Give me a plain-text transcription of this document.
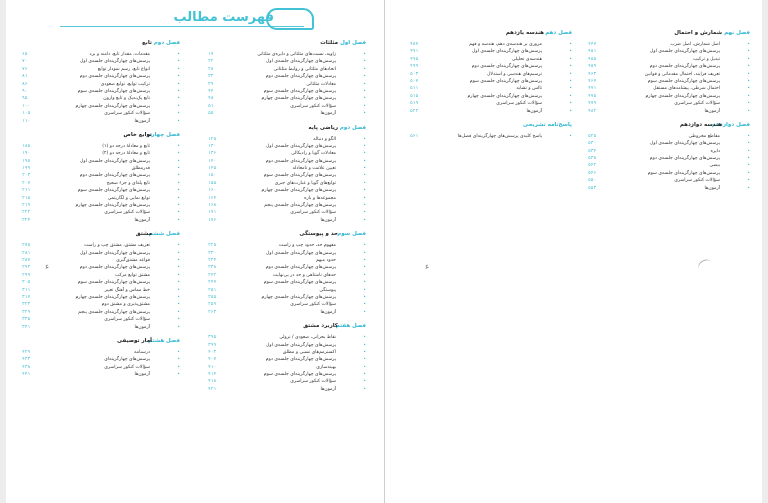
فهرست مطالب
فصل اول
مثلثات
•
زاویه، نسبت‌های مثلثاتی و دایره‌ی مثلثاتی
۱۷
•
پرسش‌های چهارگزینه‌ای جلسه‌ی اول
۲۲
•
اتحادهای مثلثاتی و روابط مثلثاتی
۲۸
•
پرسش‌های چهارگزینه‌ای جلسه‌ی دوم
۳۳
•
معادلات مثلثاتی
۳۹
•
پرسش‌های چهارگزینه‌ای جلسه‌ی سوم
۴۴
•
پرسش‌های چهارگزینه‌ای جلسه‌ی چهارم
۴۸
•
سؤالات کنکور سراسری
۵۱
•
آزمون‌ها
۵۵
فصل دوم
ریاضی پایه
•
الگو و دنباله
۱۲۵
•
پرسش‌های چهارگزینه‌ای جلسه‌ی اول
۱۳۰
•
معادلات گویا و رادیکالی
۱۳۶
•
پرسش‌های چهارگزینه‌ای جلسه‌ی دوم
۱۴۰
•
تعیین علامت و نامعادله
۱۴۵
•
پرسش‌های چهارگزینه‌ای جلسه‌ی سوم
۱۵۰
•
توابع‌های گویا و عبارت‌های جبری
۱۵۵
•
پرسش‌های چهارگزینه‌ای جلسه‌ی چهارم
۱۶۰
•
مجموعه‌ها و بازه
۱۶۴
•
پرسش‌های چهارگزینه‌ای جلسه‌ی پنجم
۱۶۸
•
سؤالات کنکور سراسری
۱۷۱
•
آزمون‌ها
۱۷۶
فصل سوم
حد و پیوستگی
•
مفهوم حد، حدود چپ و راست
۲۲۵
•
پرسش‌های چهارگزینه‌ای جلسه‌ی اول
۲۳۰
•
حدود مبهم
۲۳۴
•
پرسش‌های چهارگزینه‌ای جلسه‌ی دوم
۲۳۸
•
حدهای نامتناهی و حد در بی‌نهایت
۲۴۲
•
پرسش‌های چهارگزینه‌ای جلسه‌ی سوم
۲۴۷
•
پیوستگی
۲۵۱
•
پرسش‌های چهارگزینه‌ای جلسه‌ی چهارم
۲۵۵
•
سؤالات کنکور سراسری
۲۵۹
•
آزمون‌ها
۲۶۳
فصل هفتم
کاربرد مشتق
•
نقاط بحرانی، صعودی / نزولی
۳۹۵
•
پرسش‌های چهارگزینه‌ای جلسه‌ی اول
۳۹۹
•
اکسترمم‌های نسبی و مطلق
۴۰۳
•
پرسش‌های چهارگزینه‌ای جلسه‌ی دوم
۴۰۷
•
بهینه‌سازی
۴۱۰
•
پرسش‌های چهارگزینه‌ای جلسه‌ی سوم
۴۱۴
•
سؤالات کنکور سراسری
۴۱۸
•
آزمون‌ها
۴۲۱
فصل دوم
تابع
•
مقدمات، مقدار تابع، دامنه و برد
۶۵
•
پرسش‌های چهارگزینه‌ای جلسه‌ی اول
۷۰
•
انواع تابع، رسم نمودار توابع
۷۶
•
پرسش‌های چهارگزینه‌ای جلسه‌ی دوم
۸۱
•
ترکیب توابع، توابع صعودی
۸۶
•
پرسش‌های چهارگزینه‌ای جلسه‌ی سوم
۹۰
•
تابع یک‌به‌یک و تابع وارون
۹۵
•
پرسش‌های چهارگزینه‌ای جلسه‌ی چهارم
۱۰۰
•
سؤالات کنکور سراسری
۱۰۵
•
آزمون‌ها
۱۱۰
فصل چهارم
توابع خاص
•
تابع و معادلهٔ درجه دو (۱)
۱۸۵
•
تابع و معادلهٔ درجه دو (۲)
۱۹۰
•
پرسش‌های چهارگزینه‌ای جلسه‌ی اول
۱۹۵
•
قدرمطلق
۱۹۹
•
پرسش‌های چهارگزینه‌ای جلسه‌ی دوم
۲۰۳
•
تابع پله‌ای و جزء صحیح
۲۰۷
•
پرسش‌های چهارگزینه‌ای جلسه‌ی سوم
۲۱۱
•
توابع نمایی و لگاریتمی
۲۱۵
•
پرسش‌های چهارگزینه‌ای جلسه‌ی چهارم
۲۱۹
•
سؤالات کنکور سراسری
۲۲۲
•
آزمون‌ها
۲۲۴
فصل ششم
مشتق
•
تعریف مشتق، مشتق چپ و راست
۲۷۵
•
پرسش‌های چهارگزینه‌ای جلسه‌ی اول
۲۸۱
•
قواعد مشتق‌گیری
۲۸۷
•
پرسش‌های چهارگزینه‌ای جلسه‌ی دوم
۲۹۳
•
مشتق توابع مرکب
۲۹۹
•
پرسش‌های چهارگزینه‌ای جلسه‌ی سوم
۳۰۵
•
خط مماس و آهنگ تغییر
۳۱۱
•
پرسش‌های چهارگزینه‌ای جلسه‌ی چهارم
۳۱۷
•
مشتق‌پذیری و مشتق دوم
۳۲۳
•
پرسش‌های چهارگزینه‌ای جلسه‌ی پنجم
۳۲۹
•
سؤالات کنکور سراسری
۳۳۵
•
آزمون‌ها
۳۴۱
فصل هشتم
آمار توصیفی
•
درسنامه
۴۲۹
•
پرسش‌های چهارگزینه‌ای
۴۳۳
•
سؤالات کنکور سراسری
۴۳۸
•
آزمون‌ها
۴۴۱
ء
فصل نهم
شمارش و احتمال
•
اصل شمارش، اصل ضرب
۴۴۷
•
پرسش‌های چهارگزینه‌ای جلسه‌ی اول
۴۵۱
•
تبدیل و ترکیب
۴۵۵
•
پرسش‌های چهارگزینه‌ای جلسه‌ی دوم
۴۵۹
•
تعریف فرایند، احتمال مقدماتی و قوانین
۴۶۳
•
پرسش‌های چهارگزینه‌ای جلسه‌ی سوم
۴۶۷
•
احتمال شرطی، پیشامدهای مستقل
۴۷۱
•
پرسش‌های چهارگزینه‌ای جلسه‌ی چهارم
۴۷۵
•
سؤالات کنکور سراسری
۴۷۹
•
آزمون‌ها
۴۸۲
فصل دوازدهم
هندسه دوازدهم
•
مقاطع مخروطی
۵۲۵
•
پرسش‌های چهارگزینه‌ای جلسه‌ی اول
۵۳۰
•
دایره
۵۳۴
•
پرسش‌های چهارگزینه‌ای جلسه‌ی دوم
۵۳۸
•
بیضی
۵۴۲
•
پرسش‌های چهارگزینه‌ای جلسه‌ی سوم
۵۴۶
•
سؤالات کنکور سراسری
۵۵۰
•
آزمون‌ها
۵۵۳
فصل دهم
هندسه یازدهم
•
مروری بر هندسه‌ی دهم، هندسه و فهم
۴۸۷
•
پرسش‌های چهارگزینه‌ای جلسه‌ی اول
۴۹۱
•
هندسه‌ی تحلیلی
۴۹۵
•
پرسش‌های چهارگزینه‌ای جلسه‌ی دوم
۴۹۹
•
ترسیم‌های هندسی و استدلال
۵۰۳
•
پرسش‌های چهارگزینه‌ای جلسه‌ی سوم
۵۰۷
•
تالس و تشابه
۵۱۱
•
پرسش‌های چهارگزینه‌ای جلسه‌ی چهارم
۵۱۵
•
سؤالات کنکور سراسری
۵۱۹
•
آزمون‌ها
۵۲۲
پاسخ‌نامه تشریحی
•
پاسخ کلیدی پرسش‌های چهارگزینه‌ای فصل‌ها
۵۶۱
ء
